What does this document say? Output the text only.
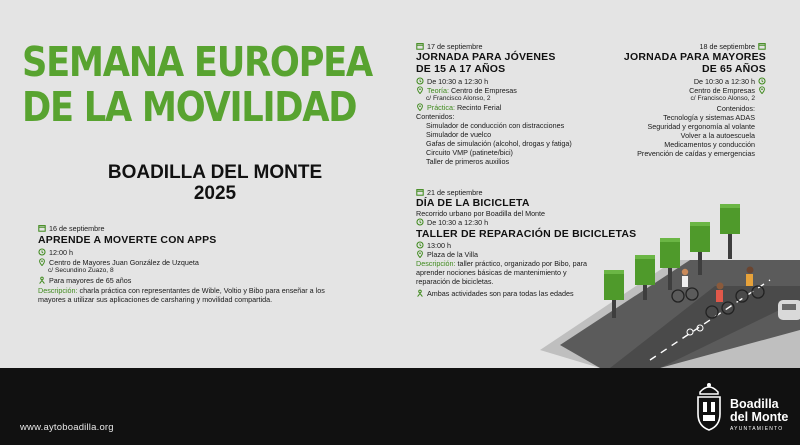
SEMANA EUROPEA
DE LA MOVILIDAD
BOADILLA DEL MONTE
2025
16 de septiembre
APRENDE A MOVERTE CON APPS
12:00 h
Centro de Mayores Juan González de Uzqueta
c/ Secundino Zuazo, 8
Para mayores de 65 años
Descripción: charla práctica con representantes de Wible, Voltio y Bibo para enseñar a los mayores a utilizar sus aplicaciones de carsharing y movilidad compartida.
17 de septiembre
JORNADA PARA JÓVENES
DE 15 A 17 AÑOS
De 10:30 a 12:30 h
Teoría: Centro de Empresas
c/ Francisco Alonso, 2
Práctica: Recinto Ferial
Contenidos:
Simulador de conducción con distracciones
Simulador de vuelco
Gafas de simulación (alcohol, drogas y fatiga)
Circuito VMP (patinete/bici)
Taller de primeros auxilios
18 de septiembre
JORNADA PARA MAYORES
DE 65 AÑOS
De 10:30 a 12:30 h
Centro de Empresas
c/ Francisco Alonso, 2
Contenidos:
Tecnología y sistemas ADAS
Seguridad y ergonomía al volante
Volver a la autoescuela
Medicamentos y conducción
Prevención de caídas y emergencias
21 de septiembre
DÍA DE LA BICICLETA
Recorrido urbano por Boadilla del Monte
De 10:30 a 12:30 h
TALLER DE REPARACIÓN DE BICICLETAS
13:00 h
Plaza de la Villa
Descripción: taller práctico, organizado por Bibo, para aprender nociones básicas de mantenimiento y reparación de bicicletas.
Ambas actividades son para todas las edades
www.aytoboadilla.org
Boadilla
del Monte
AYUNTAMIENTO
